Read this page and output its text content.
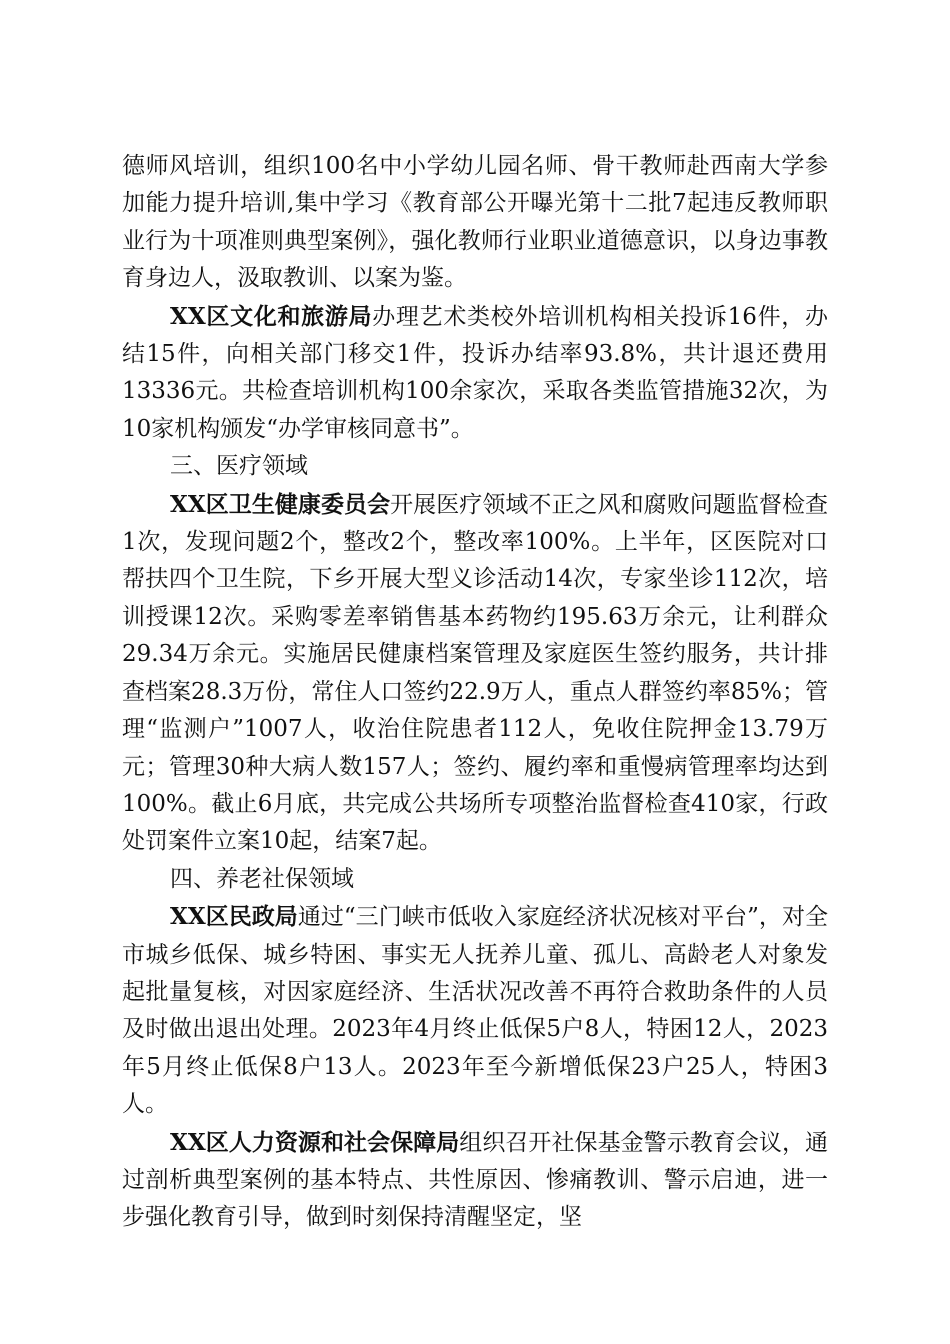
德师风培训，组织100名中小学幼儿园名师、骨干教师赴西南大学参加能力提升培训,集中学习《教育部公开曝光第十二批7起违反教师职业行为十项准则典型案例》，强化教师行业职业道德意识，以身边事教育身边人，汲取教训、以案为鉴。

XX区文化和旅游局办理艺术类校外培训机构相关投诉16件，办结15件，向相关部门移交1件，投诉办结率93.8%，共计退还费用13336元。共检查培训机构100余家次，采取各类监管措施32次，为10家机构颁发“办学审核同意书”。

三、医疗领域

XX区卫生健康委员会开展医疗领域不正之风和腐败问题监督检查1次，发现问题2个，整改2个，整改率100%。上半年，区医院对口帮扶四个卫生院，下乡开展大型义诊活动14次，专家坐诊112次，培训授课12次。采购零差率销售基本药物约195.63万余元，让利群众29.34万余元。实施居民健康档案管理及家庭医生签约服务，共计排查档案28.3万份，常住人口签约22.9万人，重点人群签约率85%；管理“监测户”1007人，收治住院患者112人，免收住院押金13.79万元；管理30种大病人数157人；签约、履约率和重慢病管理率均达到100%。截止6月底，共完成公共场所专项整治监督检查410家，行政处罚案件立案10起，结案7起。

四、养老社保领域

XX区民政局通过“三门峡市低收入家庭经济状况核对平台”，对全市城乡低保、城乡特困、事实无人抚养儿童、孤儿、高龄老人对象发起批量复核，对因家庭经济、生活状况改善不再符合救助条件的人员及时做出退出处理。2023年4月终止低保5户8人，特困12人，2023年5月终止低保8户13人。2023年至今新增低保23户25人，特困3人。

XX区人力资源和社会保障局组织召开社保基金警示教育会议，通过剖析典型案例的基本特点、共性原因、惨痛教训、警示启迪，进一步强化教育引导，做到时刻保持清醒坚定，坚
